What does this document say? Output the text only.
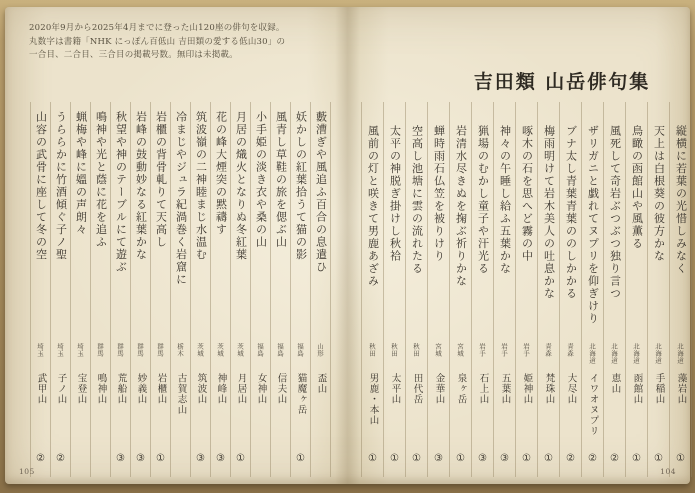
2020年9月から2025年4月までに登った山120座の俳句を収録。
丸数字は書籍「NHK にっぽん百低山 吉田類の愛する低山30」の
一合目、二合目、三合目の掲載号数。無印は未掲載。
吉田類 山岳俳句集
縦横に若葉の光惜しみなく
北海道
藻岩山
①
天上は白根葵の彼方かな
北海道
手稲山
①
鳥瞰の函館山や風薫る
北海道
函館山
①
風死して奇岩ぶつぶつ独り言つ
北海道
恵山
②
ザリガニと戯れてヌプリを仰ぎけり
北海道
イワオヌプリ
②
ブナ太し青葉青葉ののしかかる
青森
大尽山
②
梅雨明けて岩木美人の吐息かな
青森
梵珠山
①
啄木の石を思へど霧の中
岩手
姫神山
①
神々の午睡し給ふ五葉かな
岩手
五葉山
③
猟場のむかし童子や汗光る
岩手
石上山
③
岩清水尽きぬを掬ぶ祈りかな
宮城
泉ヶ岳
①
蝉時雨石仏笠を被りけり
宮城
金華山
③
空高し池塘に雲の流れたる
秋田
田代岳
①
太平の神脱ぎ掛けし秋袷
秋田
太平山
①
風前の灯と咲きて男鹿あざみ
秋田
男鹿・本山
①
藪漕ぎや風追ふ百合の息遣ひ
山形
盃山
妖かしの紅葉拾うて猫の影
福島
猫魔ヶ岳
①
風青し草鞋の旅を偲ぶ山
福島
信夫山
小手姫の淡き衣や桑の山
福島
女神山
月居の熾火となりぬ冬紅葉
茨城
月居山
①
花の峰大煙突の黙禱す
茨城
神峰山
③
筑波嶺の二神睦まじ水温む
茨城
筑波山
③
冷まじやジュラ紀渦巻く岩窟に
栃木
古賀志山
岩櫃の背骨軋りて天高し
群馬
岩櫃山
①
岩峰の鼓動妙なる紅葉かな
群馬
妙義山
③
秋望や神のテーブルにて遊ぶ
群馬
荒船山
③
鳴神や光と蔭に花を追ふ
群馬
鳴神山
蝋梅や峰に媼の声朗々
埼玉
宝登山
うららかに竹酒傾ぐ子ノ聖
埼玉
子ノ山
②
山容の武骨に座して冬の空
埼玉
武甲山
②
105	104
